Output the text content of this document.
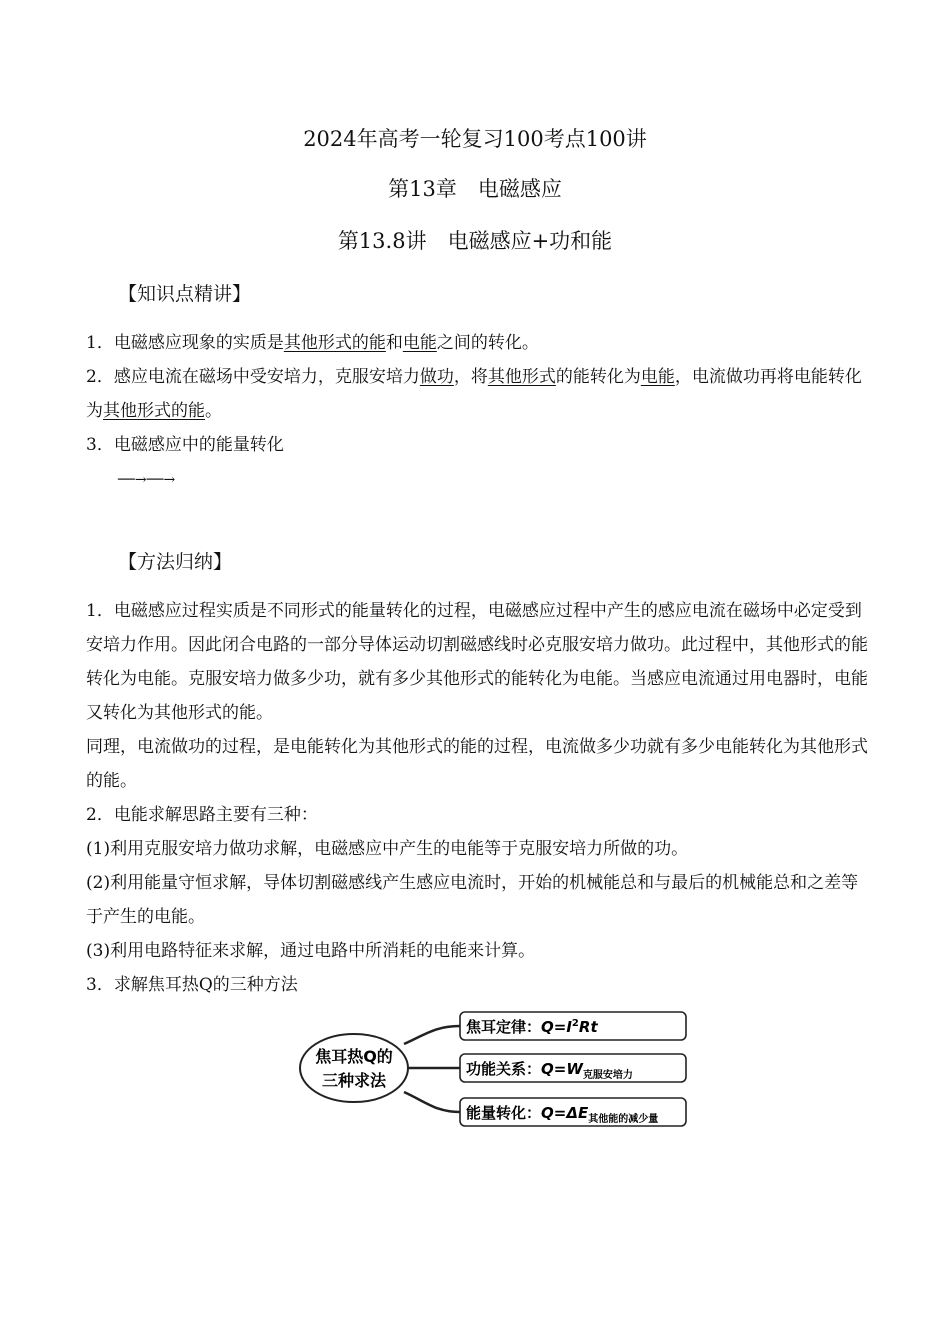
2024年高考一轮复习100考点100讲
第13章　电磁感应
第13.8讲　电磁感应+功和能
【知识点精讲】
1．电磁感应现象的实质是其他形式的能和电能之间的转化。
2．感应电流在磁场中受安培力，克服安培力做功，将其他形式的能转化为电能，电流做功再将电能转化为其他形式的能。
3．电磁感应中的能量转化
──→──→
【方法归纳】
1．电磁感应过程实质是不同形式的能量转化的过程，电磁感应过程中产生的感应电流在磁场中必定受到安培力作用。因此闭合电路的一部分导体运动切割磁感线时必克服安培力做功。此过程中，其他形式的能转化为电能。克服安培力做多少功，就有多少其他形式的能转化为电能。当感应电流通过用电器时，电能又转化为其他形式的能。
同理，电流做功的过程，是电能转化为其他形式的能的过程，电流做多少功就有多少电能转化为其他形式的能。
2．电能求解思路主要有三种：
(1)利用克服安培力做功求解，电磁感应中产生的电能等于克服安培力所做的功。
(2)利用能量守恒求解，导体切割磁感线产生感应电流时，开始的机械能总和与最后的机械能总和之差等于产生的电能。
(3)利用电路特征来求解，通过电路中所消耗的电能来计算。
3．求解焦耳热Q的三种方法
焦耳热Q的
三种求法
焦耳定律：$Q=I^2Rt$
功能关系：$Q=W_{克服安培力}$
能量转化：$Q=\Delta E_{其他能的减少量}$
